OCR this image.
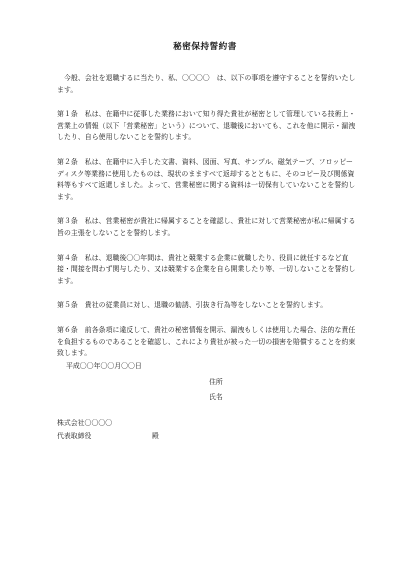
秘密保持誓約書

今般、会社を退職するに当たり、私、〇〇〇〇　は、以下の事項を遵守することを誓約いたします。

第１条　私は、在籍中に従事した業務において知り得た貴社が秘密として管理している技術上・営業上の情報（以下「営業秘密」という）について、退職後においても、これを他に開示・漏洩したり、自ら使用しないことを誓約します。

第２条　私は、在籍中に入手した文書、資料、図面、写真、サンプル、磁気テープ、フロッピーディスク等業務に使用したものは、現状のまますべて返却するとともに、そのコピー及び関係資料等もすべて返還しました。よって、営業秘密に関する資料は一切保有していないことを誓約します。

第３条　私は、営業秘密が貴社に帰属することを確認し、貴社に対して営業秘密が私に帰属する旨の主張をしないことを誓約します。

第４条　私は、退職後〇〇年間は、貴社と競業する企業に就職したり、役員に就任するなど直接・間接を問わず関与したり、又は競業する企業を自ら開業したり等、一切しないことを誓約します。

第５条　貴社の従業員に対し、退職の勧誘、引抜き行為等をしないことを誓約します。

第６条　前各条項に違反して、貴社の秘密情報を開示、漏洩もしくは使用した場合、法的な責任を負担するものであることを確認し、これにより貴社が被った一切の損害を賠償することを約束致します。

平成〇〇年〇〇月〇〇日
住所
氏名
株式会社〇〇〇〇
代表取締役	殿
